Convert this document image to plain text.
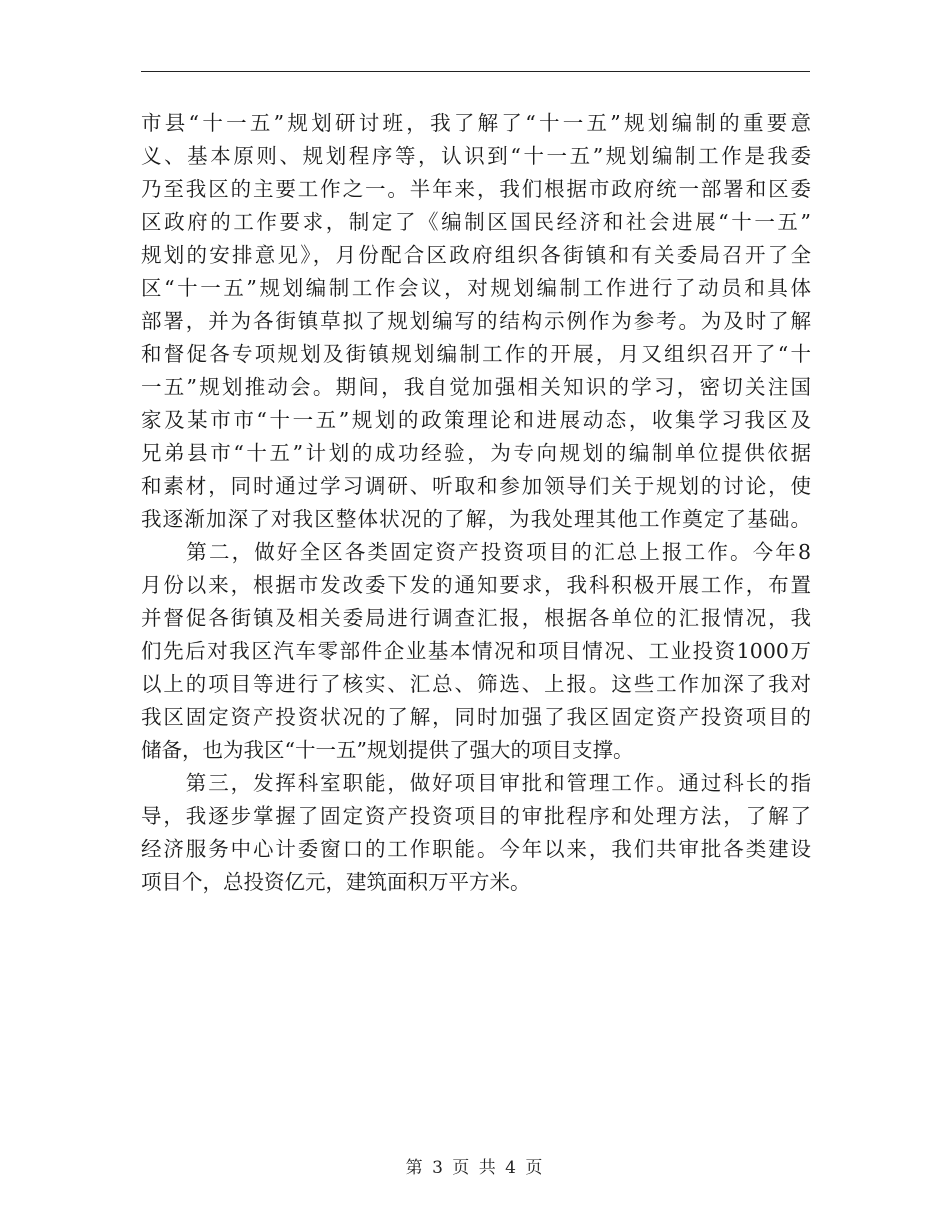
市县“十一五”规划研讨班，我了解了“十一五”规划编制的重要意
义、基本原则、规划程序等，认识到“十一五”规划编制工作是我委
乃至我区的主要工作之一。半年来，我们根据市政府统一部署和区委
区政府的工作要求，制定了《编制区国民经济和社会进展“十一五”
规划的安排意见》，月份配合区政府组织各街镇和有关委局召开了全
区“十一五”规划编制工作会议，对规划编制工作进行了动员和具体
部署，并为各街镇草拟了规划编写的结构示例作为参考。为及时了解
和督促各专项规划及街镇规划编制工作的开展，月又组织召开了“十
一五”规划推动会。期间，我自觉加强相关知识的学习，密切关注国
家及某市市“十一五”规划的政策理论和进展动态，收集学习我区及
兄弟县市“十五”计划的成功经验，为专向规划的编制单位提供依据
和素材，同时通过学习调研、听取和参加领导们关于规划的讨论，使
我逐渐加深了对我区整体状况的了解，为我处理其他工作奠定了基础。
　　第二，做好全区各类固定资产投资项目的汇总上报工作。今年8
月份以来，根据市发改委下发的通知要求，我科积极开展工作，布置
并督促各街镇及相关委局进行调查汇报，根据各单位的汇报情况，我
们先后对我区汽车零部件企业基本情况和项目情况、工业投资1000万
以上的项目等进行了核实、汇总、筛选、上报。这些工作加深了我对
我区固定资产投资状况的了解，同时加强了我区固定资产投资项目的
储备，也为我区“十一五”规划提供了强大的项目支撑。
　　第三，发挥科室职能，做好项目审批和管理工作。通过科长的指
导，我逐步掌握了固定资产投资项目的审批程序和处理方法，了解了
经济服务中心计委窗口的工作职能。今年以来，我们共审批各类建设
项目个，总投资亿元，建筑面积万平方米。
第 3 页 共 4 页
